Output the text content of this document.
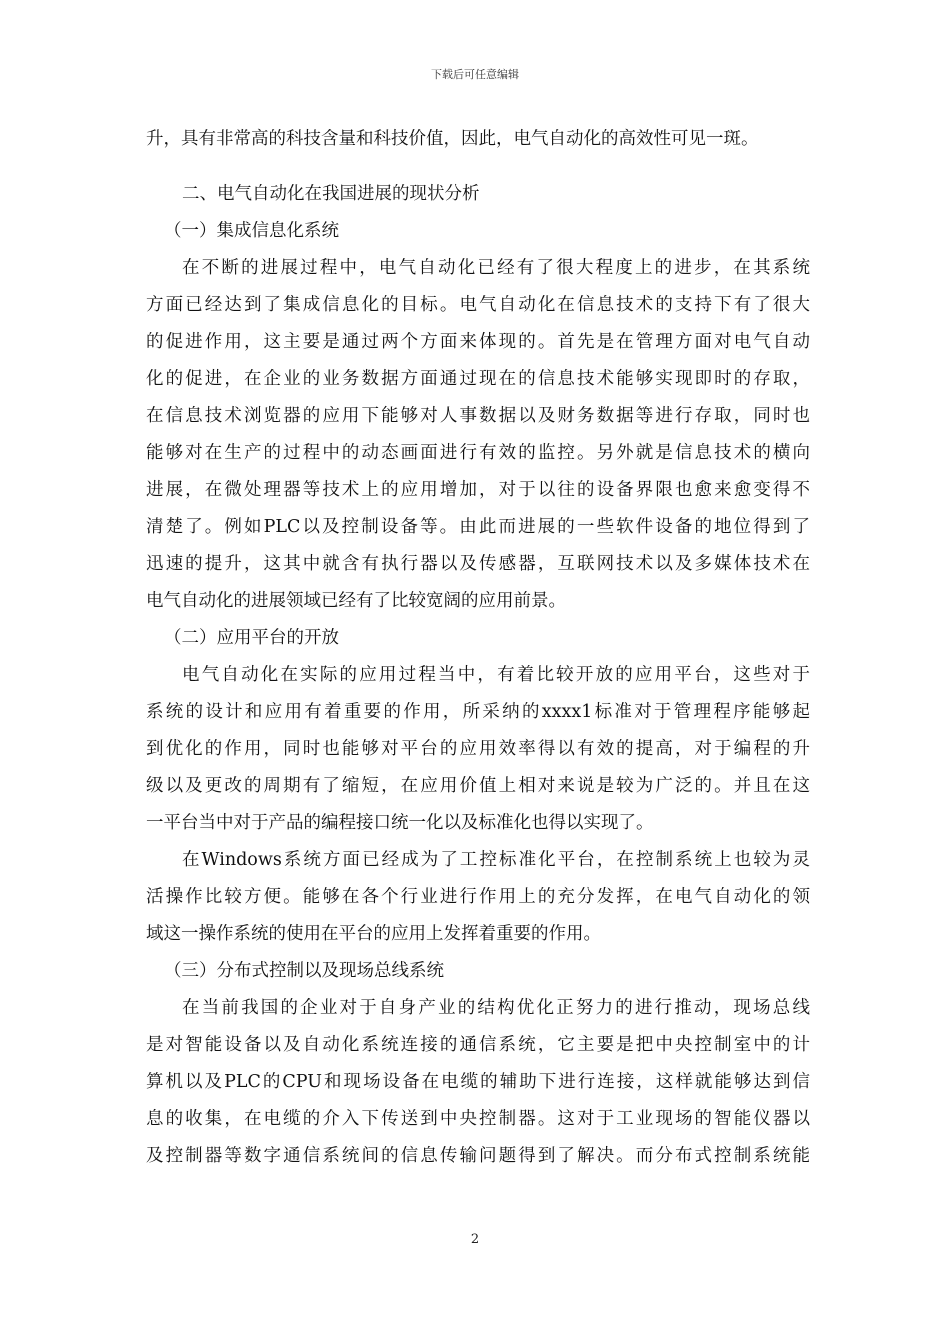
下载后可任意编辑
升，具有非常高的科技含量和科技价值，因此，电气自动化的高效性可见一斑。
二、电气自动化在我国进展的现状分析
（一）集成信息化系统
在不断的进展过程中，电气自动化已经有了很大程度上的进步，在其系统
方面已经达到了集成信息化的目标。电气自动化在信息技术的支持下有了很大
的促进作用，这主要是通过两个方面来体现的。首先是在管理方面对电气自动
化的促进，在企业的业务数据方面通过现在的信息技术能够实现即时的存取，
在信息技术浏览器的应用下能够对人事数据以及财务数据等进行存取，同时也
能够对在生产的过程中的动态画面进行有效的监控。另外就是信息技术的横向
进展，在微处理器等技术上的应用增加，对于以往的设备界限也愈来愈变得不
清楚了。例如PLC以及控制设备等。由此而进展的一些软件设备的地位得到了
迅速的提升，这其中就含有执行器以及传感器，互联网技术以及多媒体技术在
电气自动化的进展领域已经有了比较宽阔的应用前景。
（二）应用平台的开放
电气自动化在实际的应用过程当中，有着比较开放的应用平台，这些对于
系统的设计和应用有着重要的作用，所采纳的xxxx1标准对于管理程序能够起
到优化的作用，同时也能够对平台的应用效率得以有效的提高，对于编程的升
级以及更改的周期有了缩短，在应用价值上相对来说是较为广泛的。并且在这
一平台当中对于产品的编程接口统一化以及标准化也得以实现了。
在Windows系统方面已经成为了工控标准化平台，在控制系统上也较为灵
活操作比较方便。能够在各个行业进行作用上的充分发挥，在电气自动化的领
域这一操作系统的使用在平台的应用上发挥着重要的作用。
（三）分布式控制以及现场总线系统
在当前我国的企业对于自身产业的结构优化正努力的进行推动，现场总线
是对智能设备以及自动化系统连接的通信系统，它主要是把中央控制室中的计
算机以及PLC的CPU和现场设备在电缆的辅助下进行连接，这样就能够达到信
息的收集，在电缆的介入下传送到中央控制器。这对于工业现场的智能仪器以
及控制器等数字通信系统间的信息传输问题得到了解决。而分布式控制系统能
2
